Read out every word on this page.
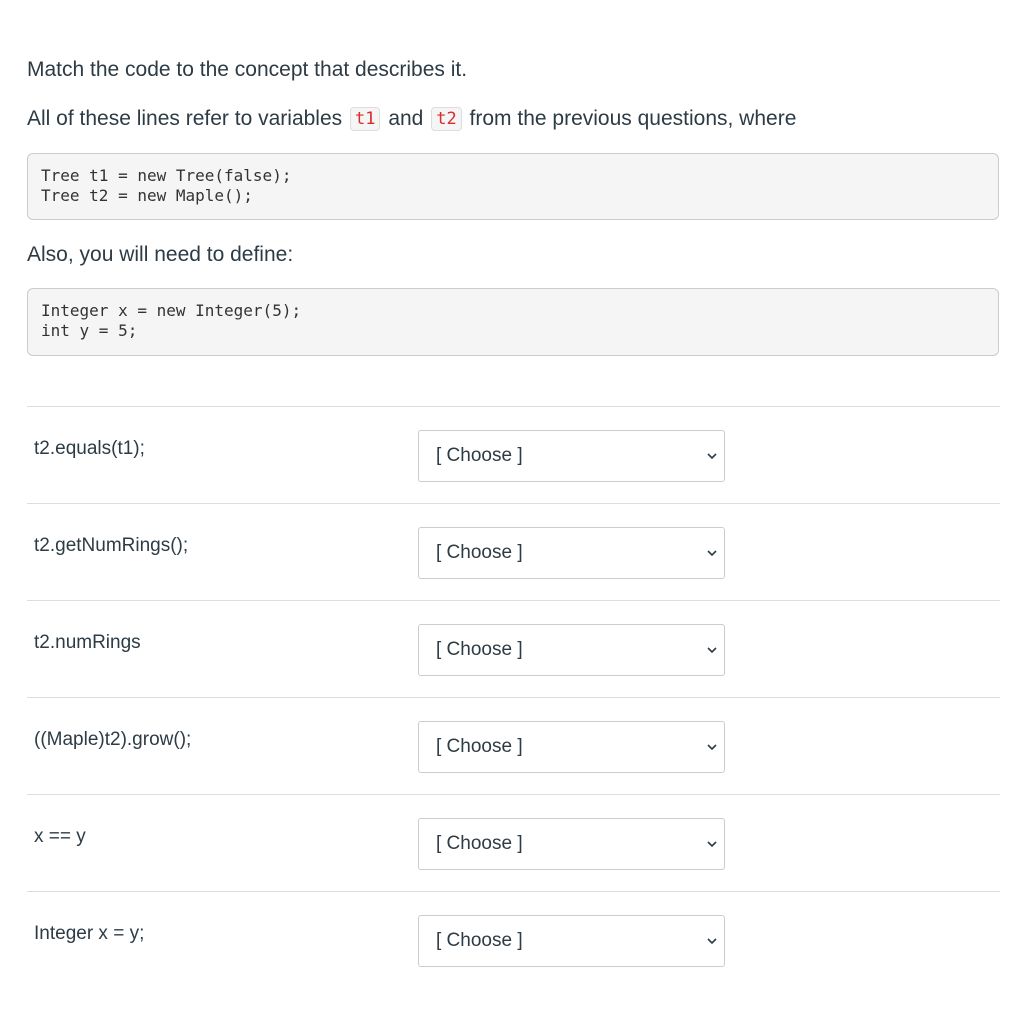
Match the code to the concept that describes it.

All of these lines refer to variables t1 and t2 from the previous questions, where

Tree t1 = new Tree(false);
Tree t2 = new Maple();

Also, you will need to define:

Integer x = new Integer(5);
int y = 5;
t2.equals(t1);	[ Choose ]
t2.getNumRings();	[ Choose ]
t2.numRings	[ Choose ]
((Maple)t2).grow();	[ Choose ]
x == y	[ Choose ]
Integer x = y;	[ Choose ]
